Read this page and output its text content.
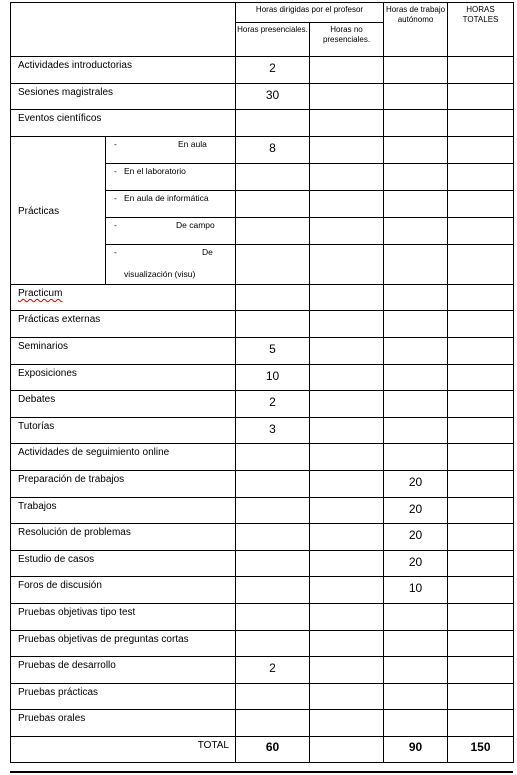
		Horas dirigidas por el profesor		Horas de trabajo autónomo	HORAS TOTALES
		Horas presenciales.	Horas no presenciales.		
Actividades introductorias		2			
Sesiones magistrales		30			
Eventos científicos					
Prácticas	- En aula	8			

	- En el laboratorio				

	- En aula de informática				

	- De campo				

	- De
visualización (visu)				

Practicum					
Prácticas externas					
Seminarios		5			
Exposiciones		10			
Debates		2			
Tutorías		3			
Actividades de seguimiento online					
Preparación de trabajos				20	
Trabajos				20	
Resolución de problemas				20	
Estudio de casos				20	
Foros de discusión				10	
Pruebas objetivas tipo test					
Pruebas objetivas de preguntas cortas					
Pruebas de desarrollo		2			
Pruebas prácticas					
Pruebas orales					
TOTAL		60		90	150
